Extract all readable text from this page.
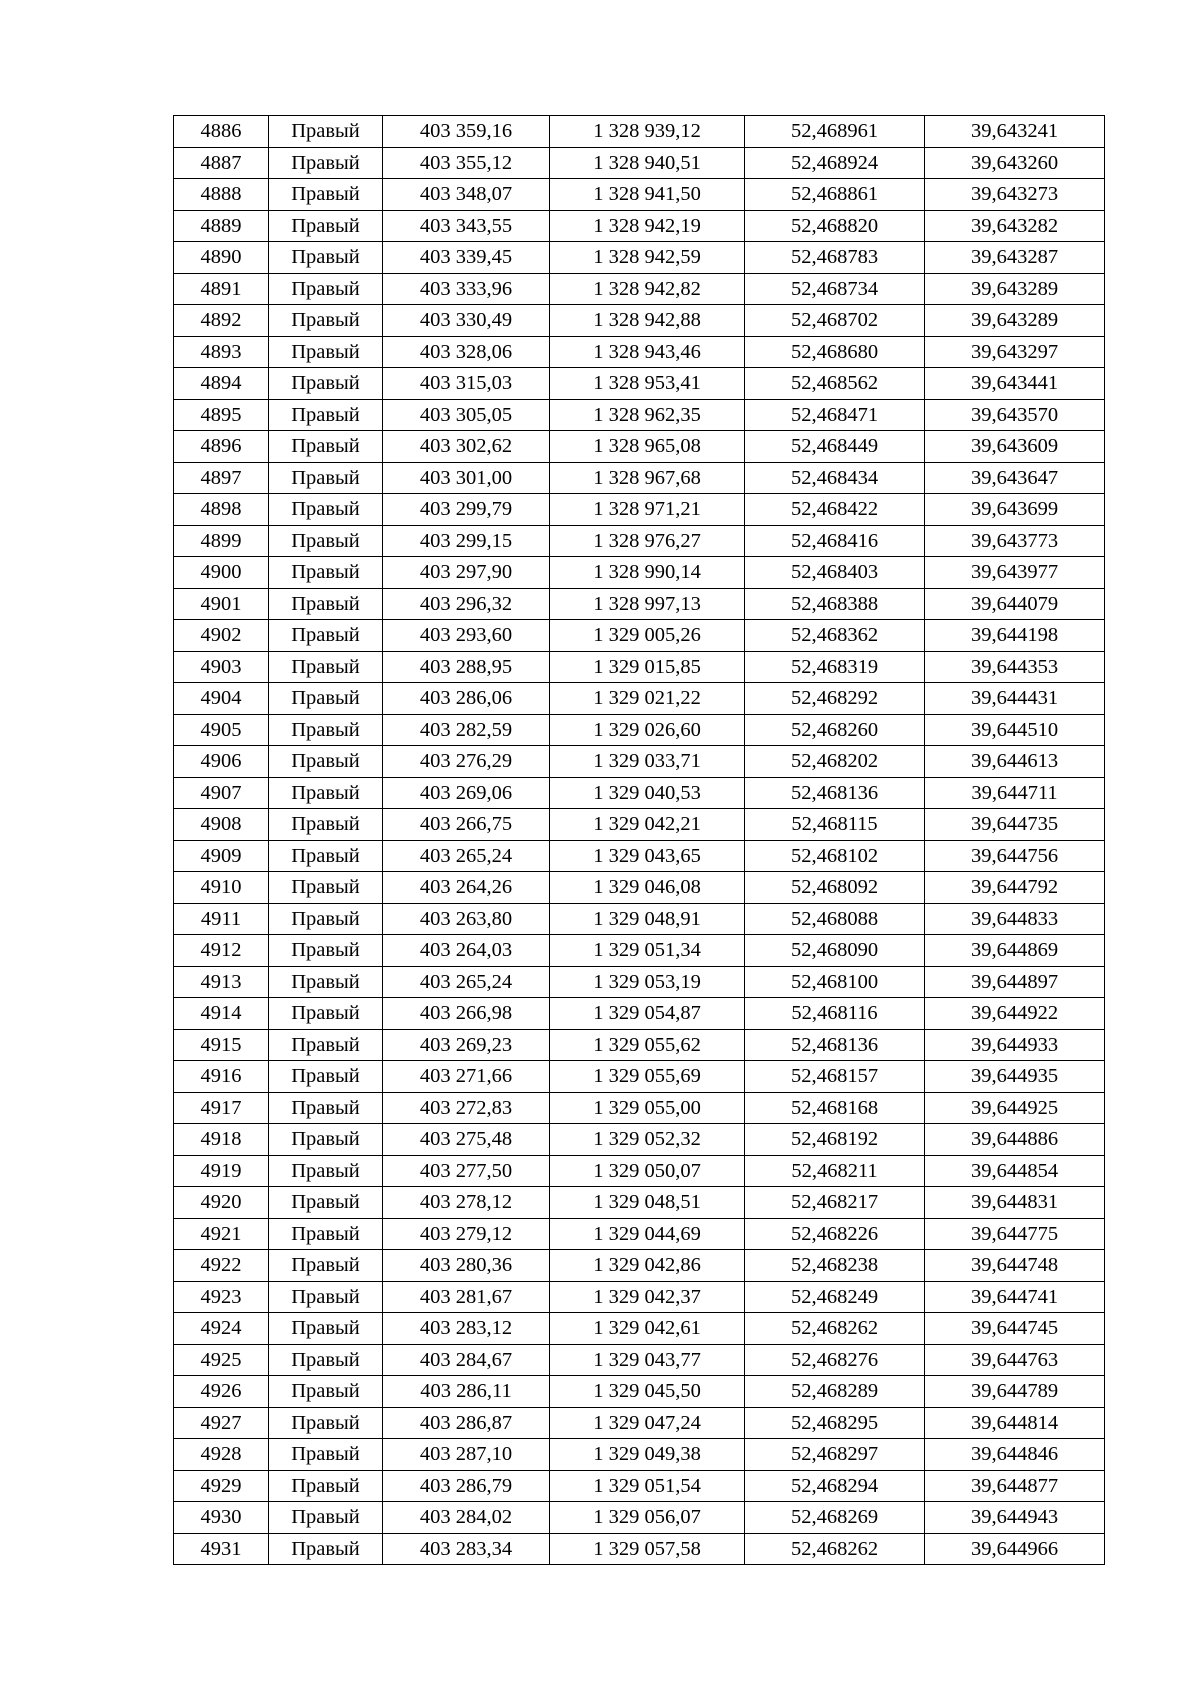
4886	Правый	403 359,16	1 328 939,12	52,468961	39,643241
4887	Правый	403 355,12	1 328 940,51	52,468924	39,643260
4888	Правый	403 348,07	1 328 941,50	52,468861	39,643273
4889	Правый	403 343,55	1 328 942,19	52,468820	39,643282
4890	Правый	403 339,45	1 328 942,59	52,468783	39,643287
4891	Правый	403 333,96	1 328 942,82	52,468734	39,643289
4892	Правый	403 330,49	1 328 942,88	52,468702	39,643289
4893	Правый	403 328,06	1 328 943,46	52,468680	39,643297
4894	Правый	403 315,03	1 328 953,41	52,468562	39,643441
4895	Правый	403 305,05	1 328 962,35	52,468471	39,643570
4896	Правый	403 302,62	1 328 965,08	52,468449	39,643609
4897	Правый	403 301,00	1 328 967,68	52,468434	39,643647
4898	Правый	403 299,79	1 328 971,21	52,468422	39,643699
4899	Правый	403 299,15	1 328 976,27	52,468416	39,643773
4900	Правый	403 297,90	1 328 990,14	52,468403	39,643977
4901	Правый	403 296,32	1 328 997,13	52,468388	39,644079
4902	Правый	403 293,60	1 329 005,26	52,468362	39,644198
4903	Правый	403 288,95	1 329 015,85	52,468319	39,644353
4904	Правый	403 286,06	1 329 021,22	52,468292	39,644431
4905	Правый	403 282,59	1 329 026,60	52,468260	39,644510
4906	Правый	403 276,29	1 329 033,71	52,468202	39,644613
4907	Правый	403 269,06	1 329 040,53	52,468136	39,644711
4908	Правый	403 266,75	1 329 042,21	52,468115	39,644735
4909	Правый	403 265,24	1 329 043,65	52,468102	39,644756
4910	Правый	403 264,26	1 329 046,08	52,468092	39,644792
4911	Правый	403 263,80	1 329 048,91	52,468088	39,644833
4912	Правый	403 264,03	1 329 051,34	52,468090	39,644869
4913	Правый	403 265,24	1 329 053,19	52,468100	39,644897
4914	Правый	403 266,98	1 329 054,87	52,468116	39,644922
4915	Правый	403 269,23	1 329 055,62	52,468136	39,644933
4916	Правый	403 271,66	1 329 055,69	52,468157	39,644935
4917	Правый	403 272,83	1 329 055,00	52,468168	39,644925
4918	Правый	403 275,48	1 329 052,32	52,468192	39,644886
4919	Правый	403 277,50	1 329 050,07	52,468211	39,644854
4920	Правый	403 278,12	1 329 048,51	52,468217	39,644831
4921	Правый	403 279,12	1 329 044,69	52,468226	39,644775
4922	Правый	403 280,36	1 329 042,86	52,468238	39,644748
4923	Правый	403 281,67	1 329 042,37	52,468249	39,644741
4924	Правый	403 283,12	1 329 042,61	52,468262	39,644745
4925	Правый	403 284,67	1 329 043,77	52,468276	39,644763
4926	Правый	403 286,11	1 329 045,50	52,468289	39,644789
4927	Правый	403 286,87	1 329 047,24	52,468295	39,644814
4928	Правый	403 287,10	1 329 049,38	52,468297	39,644846
4929	Правый	403 286,79	1 329 051,54	52,468294	39,644877
4930	Правый	403 284,02	1 329 056,07	52,468269	39,644943
4931	Правый	403 283,34	1 329 057,58	52,468262	39,644966
